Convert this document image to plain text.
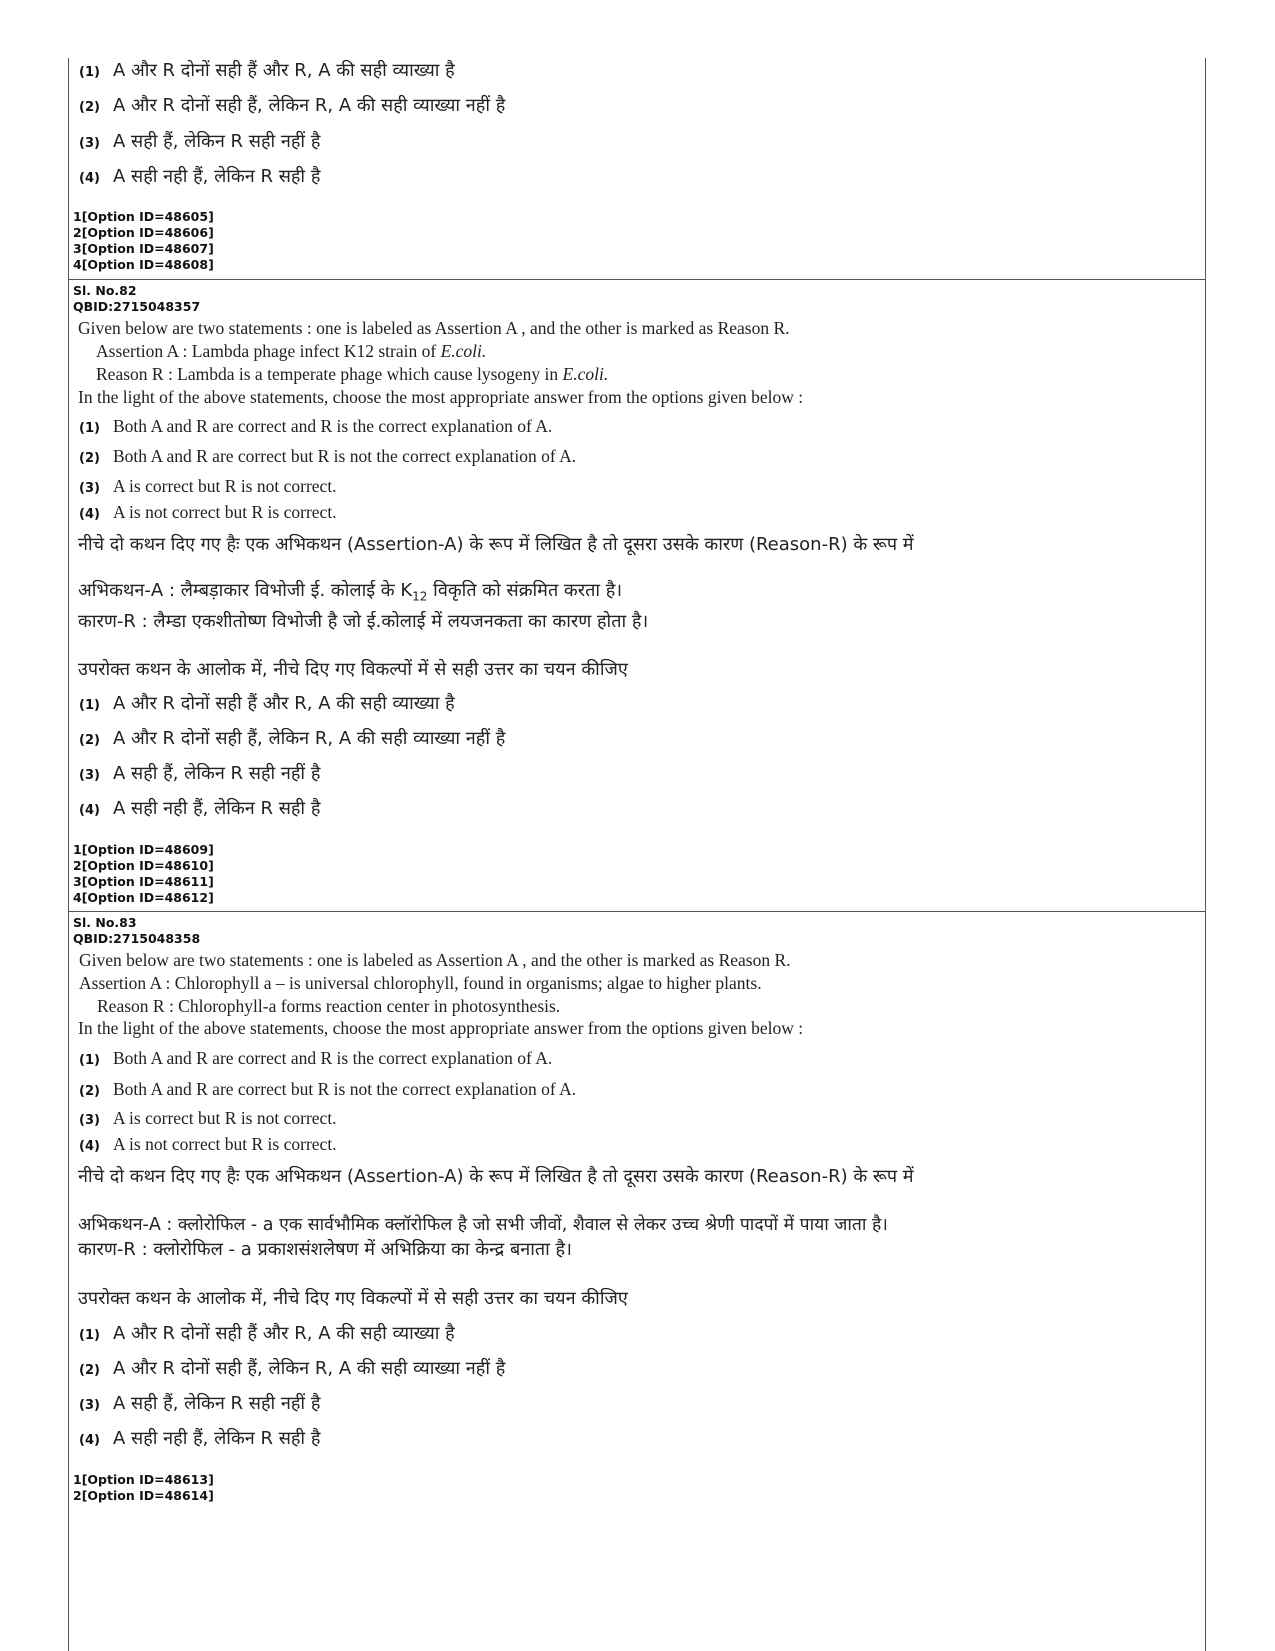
(1) A और R दोनों सही हैं और R, A की सही व्याख्या है
(2) A और R दोनों सही हैं, लेकिन R, A की सही व्याख्या नहीं है
(3) A सही हैं, लेकिन R सही नहीं है
(4) A सही नही हैं, लेकिन R सही है
1[Option ID=48605]
2[Option ID=48606]
3[Option ID=48607]
4[Option ID=48608]
Sl. No.82
QBID:2715048357
Given below are two statements : one is labeled as Assertion A , and the other is marked as Reason R.
Assertion A : Lambda phage infect K12 strain of E.coli.
Reason R : Lambda is a temperate phage which cause lysogeny in E.coli.
In the light of the above statements, choose the most appropriate answer from the options given below :
(1) Both A and R are correct and R is the correct explanation of A.
(2) Both A and R are correct but R is not the correct explanation of A.
(3) A is correct but R is not correct.
(4) A is not correct but R is correct.
नीचे दो कथन दिए गए हैः एक अभिकथन (Assertion-A) के रूप में लिखित है तो दूसरा उसके कारण (Reason-R) के रूप में
अभिकथन-A : लैम्बड़ाकार विभोजी ई. कोलाई के $K_{12}$ विकृति को संक्रमित करता है।
कारण-R : लैम्डा एकशीतोष्ण विभोजी है जो ई.कोलाई में लयजनकता का कारण होता है।
उपरोक्त कथन के आलोक में, नीचे दिए गए विकल्पों में से सही उत्तर का चयन कीजिए
(1) A और R दोनों सही हैं और R, A की सही व्याख्या है
(2) A और R दोनों सही हैं, लेकिन R, A की सही व्याख्या नहीं है
(3) A सही हैं, लेकिन R सही नहीं है
(4) A सही नही हैं, लेकिन R सही है
1[Option ID=48609]
2[Option ID=48610]
3[Option ID=48611]
4[Option ID=48612]
Sl. No.83
QBID:2715048358
Given below are two statements : one is labeled as Assertion A , and the other is marked as Reason R.
Assertion A : Chlorophyll a – is universal chlorophyll, found in organisms; algae to higher plants.
Reason R : Chlorophyll-a forms reaction center in photosynthesis.
In the light of the above statements, choose the most appropriate answer from the options given below :
(1) Both A and R are correct and R is the correct explanation of A.
(2) Both A and R are correct but R is not the correct explanation of A.
(3) A is correct but R is not correct.
(4) A is not correct but R is correct.
नीचे दो कथन दिए गए हैः एक अभिकथन (Assertion-A) के रूप में लिखित है तो दूसरा उसके कारण (Reason-R) के रूप में
अभिकथन-A : क्लोरोफिल - a एक सार्वभौमिक क्लॉरोफिल है जो सभी जीवों, शैवाल से लेकर उच्च श्रेणी पादपों में पाया जाता है।
कारण-R : क्लोरोफिल - a प्रकाशसंशलेषण में अभिक्रिया का केन्द्र बनाता है।
उपरोक्त कथन के आलोक में, नीचे दिए गए विकल्पों में से सही उत्तर का चयन कीजिए
(1) A और R दोनों सही हैं और R, A की सही व्याख्या है
(2) A और R दोनों सही हैं, लेकिन R, A की सही व्याख्या नहीं है
(3) A सही हैं, लेकिन R सही नहीं है
(4) A सही नही हैं, लेकिन R सही है
1[Option ID=48613]
2[Option ID=48614]
